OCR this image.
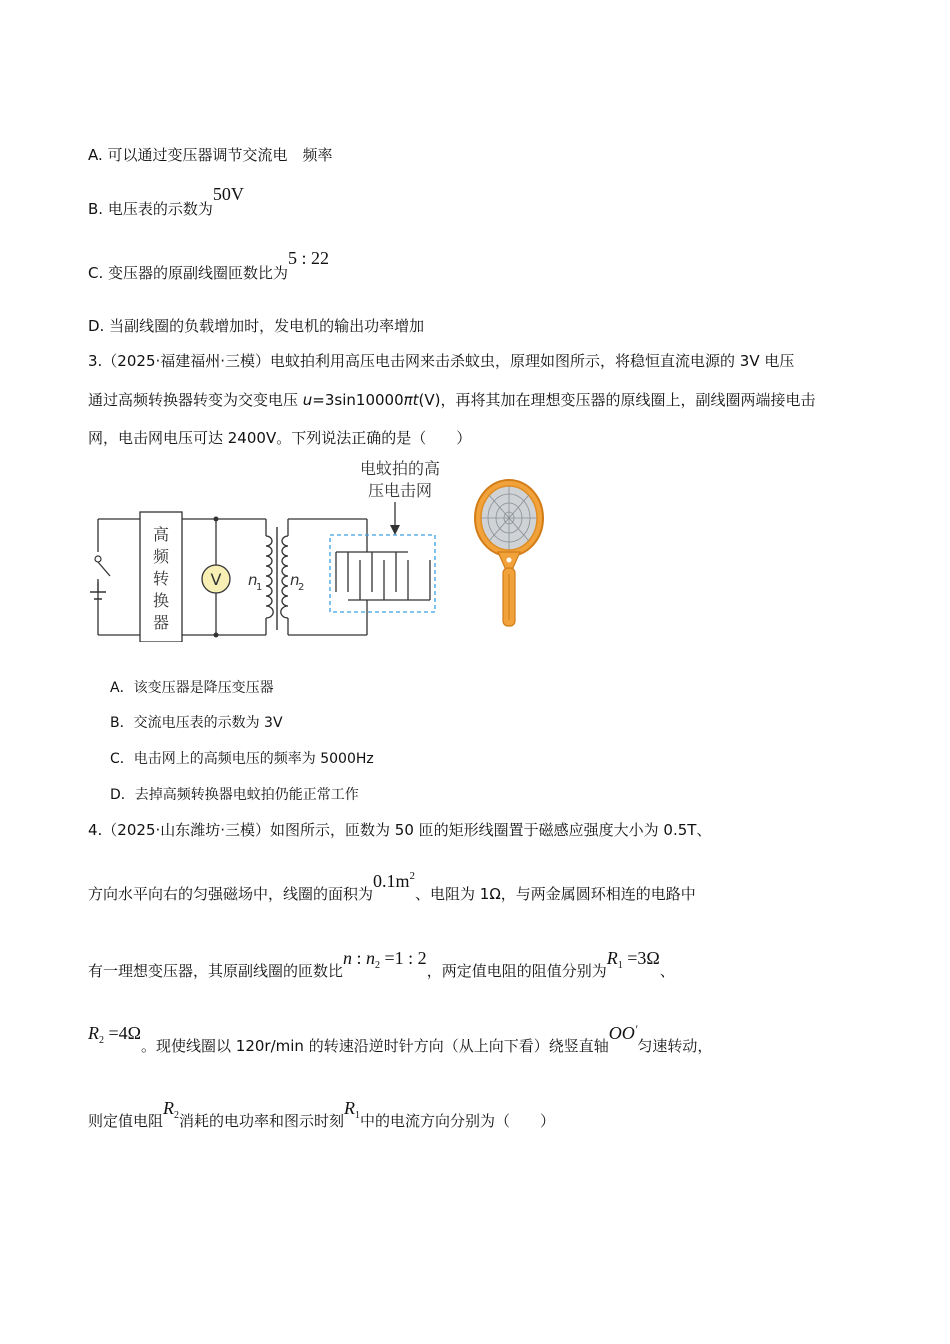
A. 可以通过变压器调节交流电　频率
B. 电压表的示数为50V
C. 变压器的原副线圈匝数比为5 : 22
D. 当副线圈的负载增加时，发电机的输出功率增加
3.（2025·福建福州·三模）电蚊拍利用高压电击网来击杀蚊虫，原理如图所示，将稳恒直流电源的 3V 电压
通过高频转换器转变为交变电压 u=3sin10000πt(V)，再将其加在理想变压器的原线圈上，副线圈两端接电击
网，电击网电压可达 2400V。下列说法正确的是（　　）
高
频
转
换
器
V n
1 n
2
电蚊拍的高
压电击网
A．该变压器是降压变压器
B．交流电压表的示数为 3V
C．电击网上的高频电压的频率为 5000Hz
D．去掉高频转换器电蚊拍仍能正常工作
4.（2025·山东潍坊·三模）如图所示，匝数为 50 匝的矩形线圈置于磁感应强度大小为 0.5T、
方向水平向右的匀强磁场中，线圈的面积为$0.1m^2$、电阻为 1Ω，与两金属圆环相连的电路中
有一理想变压器，其原副线圈的匝数比n : $n_2 =1$ : 2，两定值电阻的阻值分别为$R_1 =3\Omega$、
$R_2 =4\Omega$。现使线圈以 120r/min 的转速沿逆时针方向（从上向下看）绕竖直轴OO′匀速转动，
则定值电阻$R_2$消耗的电功率和图示时刻$R_1$中的电流方向分别为（　　）
